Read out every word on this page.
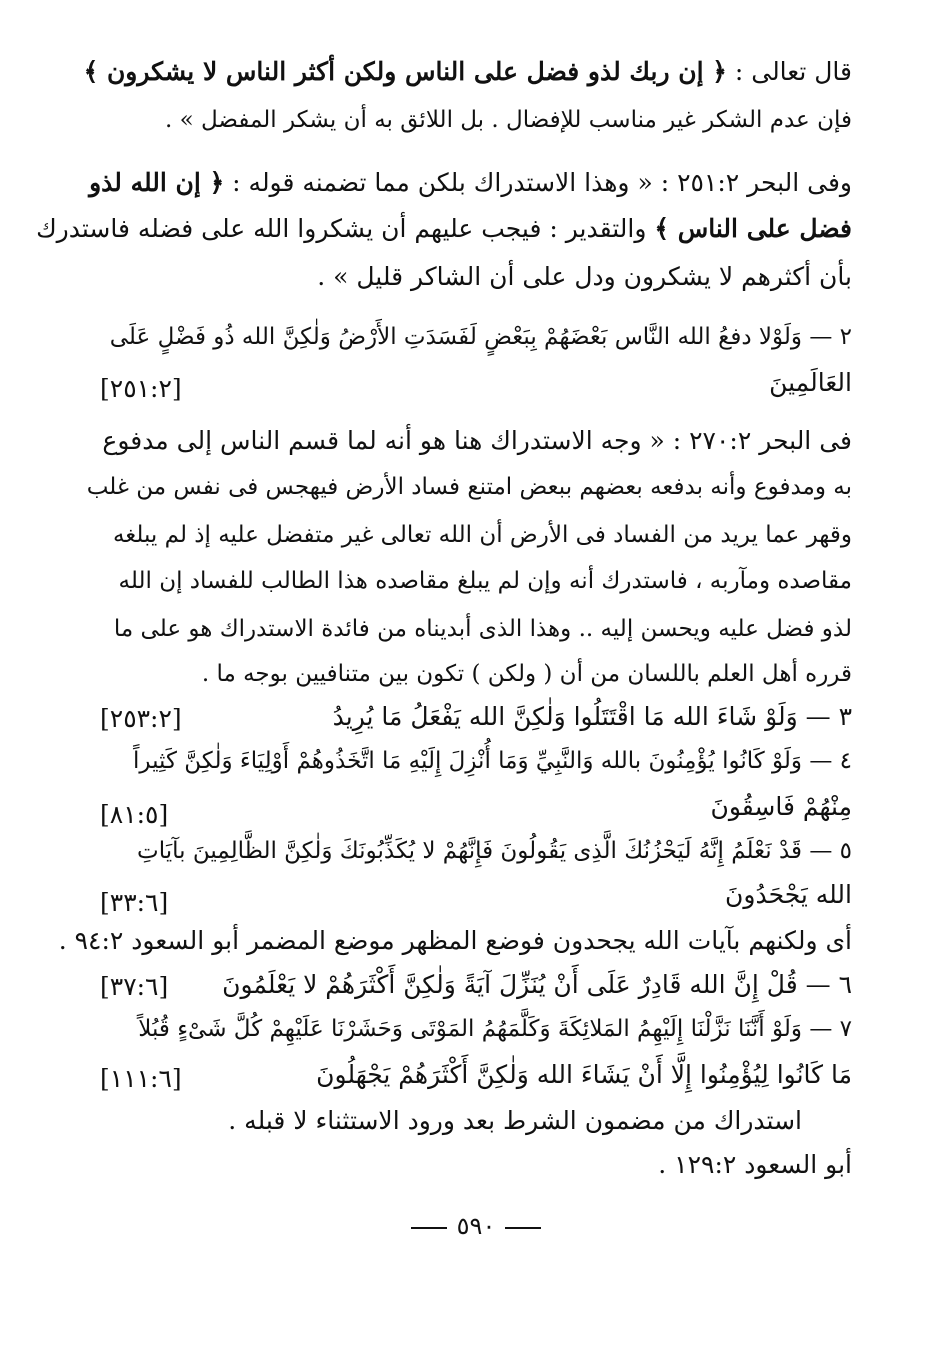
قال تعالى : ﴿ إن ربك لذو فضل على الناس ولكن أكثر الناس لا يشكرون ﴾
فإن عدم الشكر غير مناسب للإفضال . بل اللائق به أن يشكر المفضل » .
وفى البحر ٢٥١:٢ : « وهذا الاستدراك بلكن مما تضمنه قوله : ﴿ إن الله لذو
فضل على الناس ﴾ والتقدير : فيجب عليهم أن يشكروا الله على فضله فاستدرك
بأن أكثرهم لا يشكرون ودل على أن الشاكر قليل » .
٢ — وَلَوْلا دفعُ الله النَّاس بَعْضَهُمْ بِبَعْضٍ لَفَسَدَتِ الأَرْضُ وَلٰكِنَّ الله ذُو فَضْلٍ عَلَى
العَالَمِينَ
[٢٥١:٢]
فى البحر ٢٧٠:٢ : « وجه الاستدراك هنا هو أنه لما قسم الناس إلى مدفوع
به ومدفوع وأنه بدفعه بعضهم ببعض امتنع فساد الأرض فيهجس فى نفس من غلب
وقهر عما يريد من الفساد فى الأرض أن الله تعالى غير متفضل عليه إذ لم يبلغه
مقاصده ومآربه ، فاستدرك أنه وإن لم يبلغ مقاصده هذا الطالب للفساد إن الله
لذو فضل عليه ويحسن إليه .. وهذا الذى أبديناه من فائدة الاستدراك هو على ما
قرره أهل العلم باللسان من أن ( ولكن ) تكون بين متنافيين بوجه ما .
٣ — وَلَوْ شَاءَ الله مَا اقْتَتَلُوا وَلٰكِنَّ الله يَفْعَلُ مَا يُرِيدُ
[٢٥٣:٢]
٤ — وَلَوْ كَانُوا يُؤْمِنُونَ بالله وَالنَّبِيِّ وَمَا أُنْزِلَ إِلَيْهِ مَا اتَّخَذُوهُمْ أَوْلِيَاءَ وَلٰكِنَّ كَثِيراً
مِنْهُمْ فَاسِقُونَ
[٨١:٥]
٥ — قَدْ نَعْلَمُ إِنَّهُ لَيَحْزُنُكَ الَّذِى يَقُولُونَ فَإِنَّهُمْ لا يُكَذِّبُونَكَ وَلٰكِنَّ الظَّالِمِينَ بآيَاتِ
الله يَجْحَدُونَ
[٣٣:٦]
أى ولكنهم بآيات الله يجحدون فوضع المظهر موضع المضمر أبو السعود ٩٤:٢ .
٦ — قُلْ إِنَّ الله قَادِرٌ عَلَى أَنْ يُنَزِّلَ آيَةً وَلٰكِنَّ أَكْثَرَهُمْ لا يَعْلَمُونَ
[٣٧:٦]
٧ — وَلَوْ أَنَّنَا نَزَّلْنَا إِلَيْهِمُ المَلائِكَةَ وَكَلَّمَهُمُ المَوْتَى وَحَشَرْنَا عَلَيْهِمْ كُلَّ شَىْءٍ قُبُلاً
مَا كَانُوا لِيُؤْمِنُوا إِلَّا أَنْ يَشَاءَ الله وَلٰكِنَّ أَكْثَرَهُمْ يَجْهَلُونَ
[١١١:٦]
استدراك من مضمون الشرط بعد ورود الاستثناء لا قبله .
أبو السعود ١٢٩:٢ .
٥٩٠
